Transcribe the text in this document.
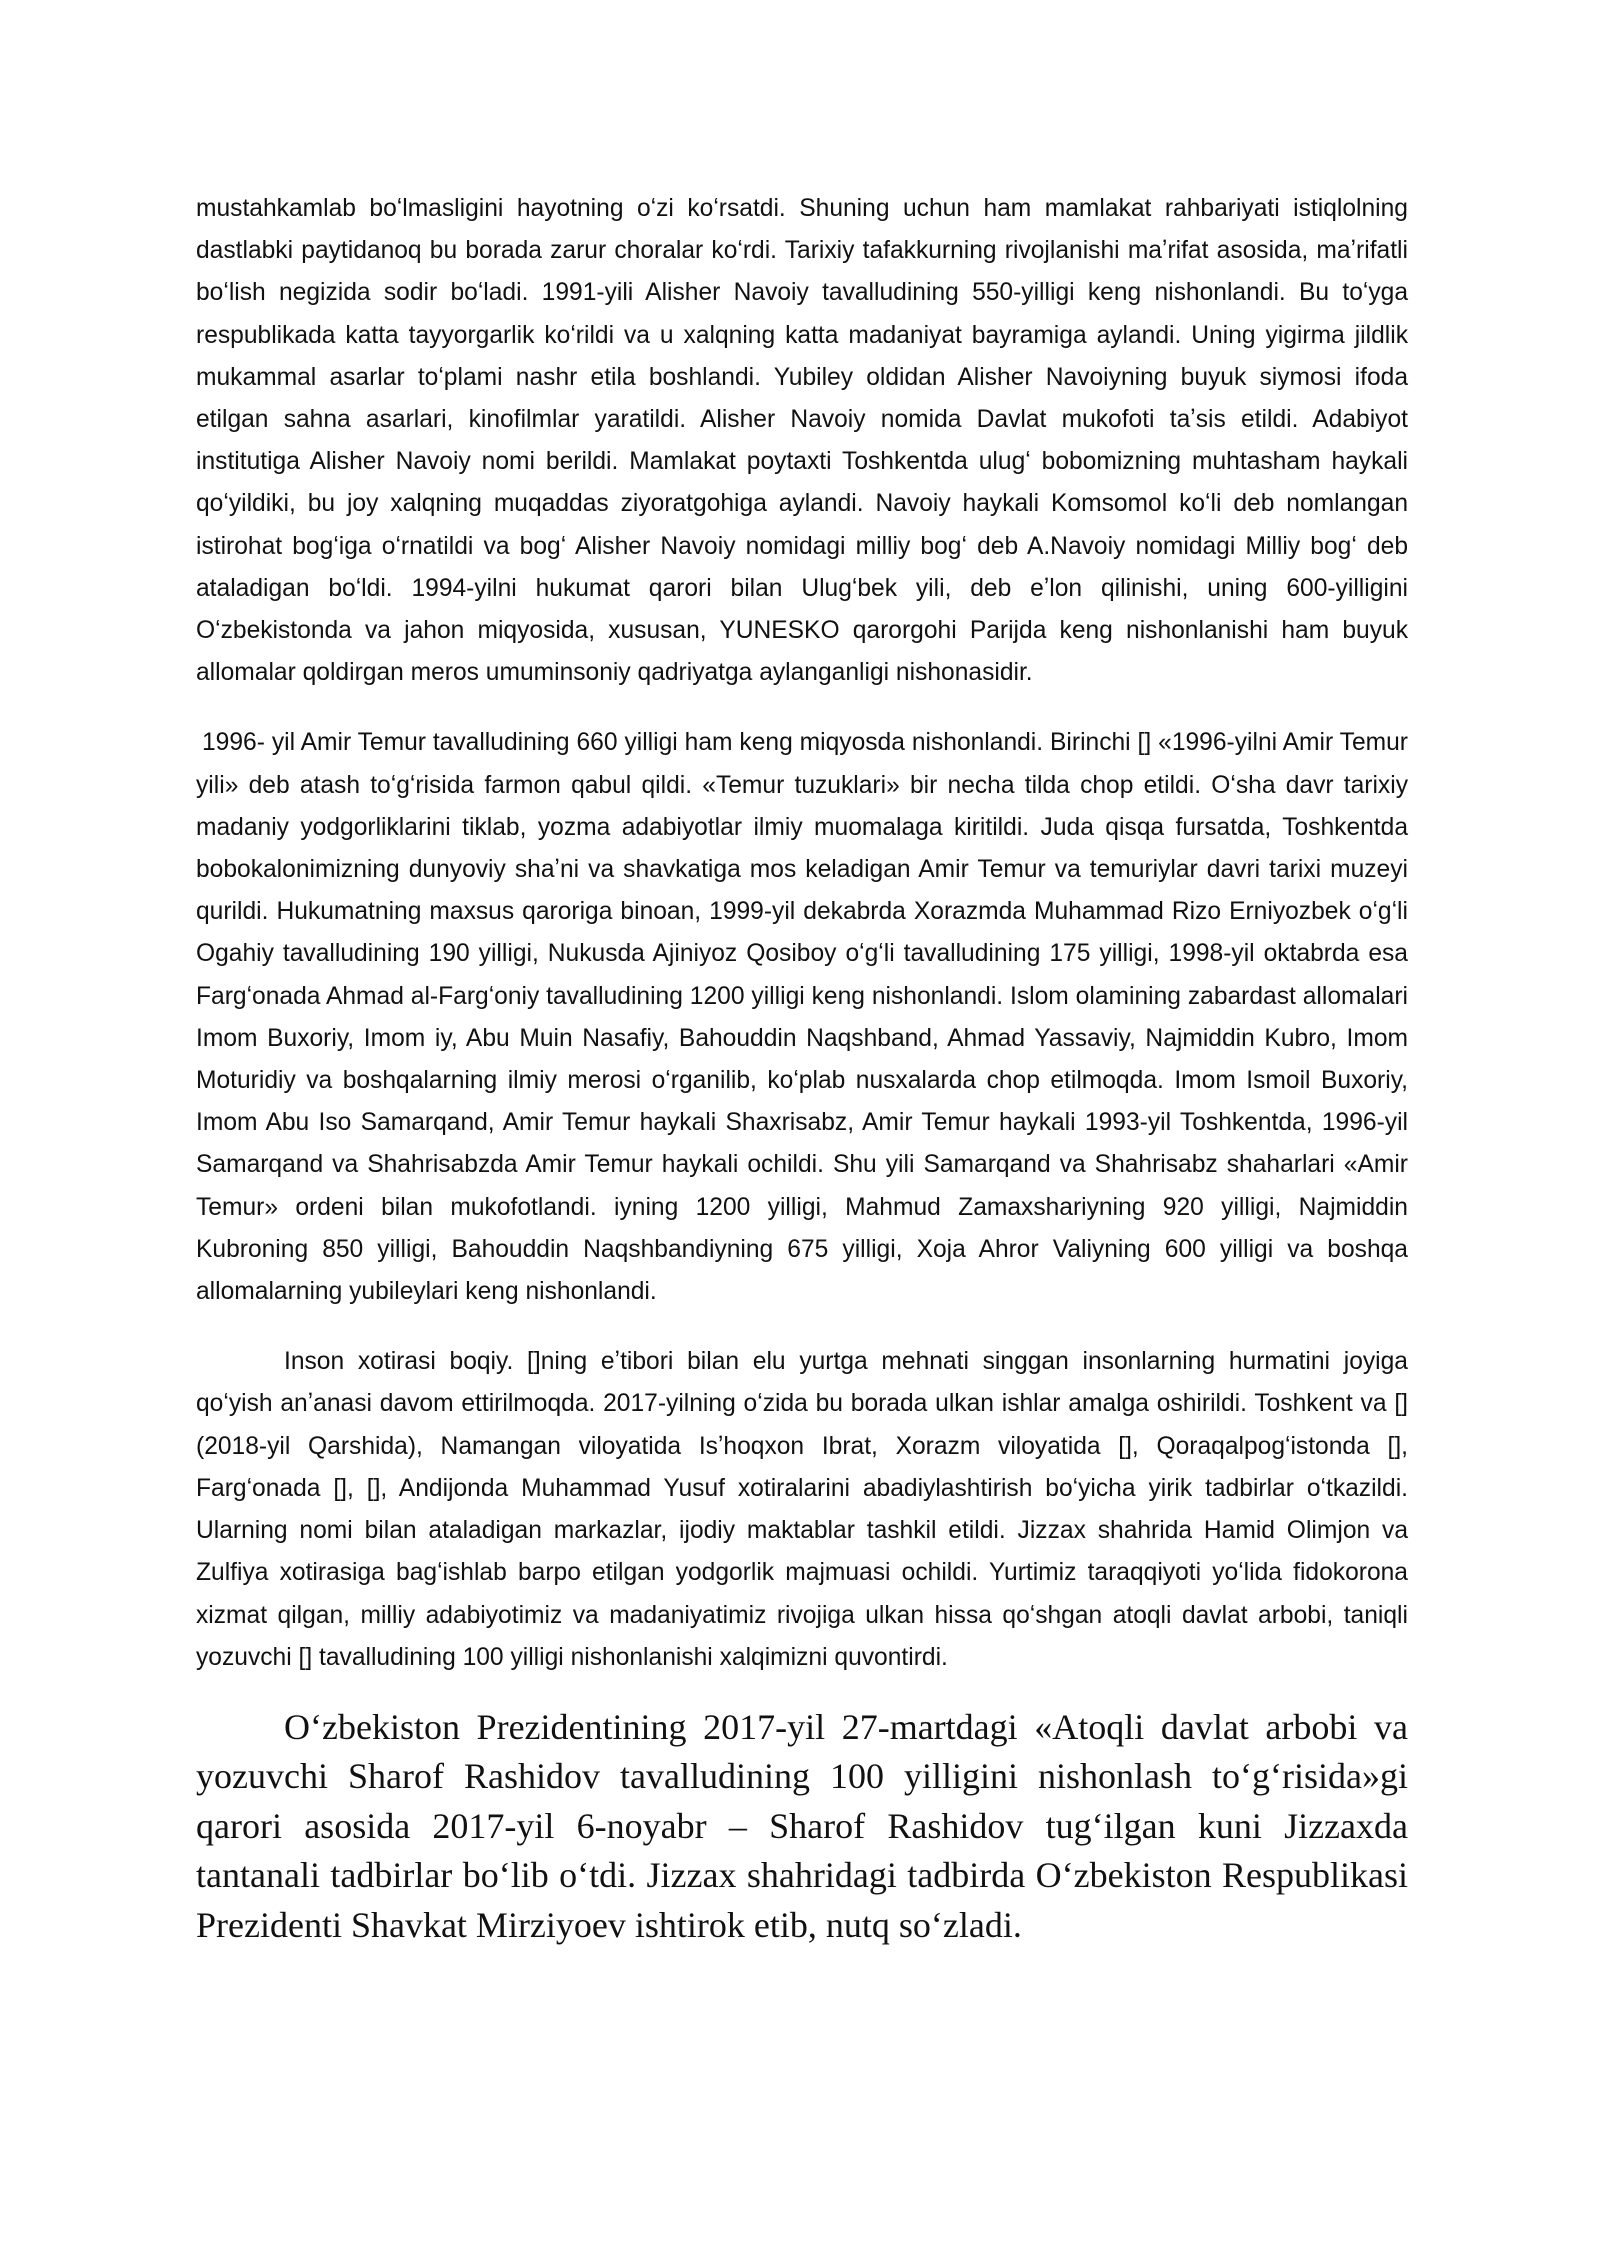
mustahkamlab boʻlmasligini hayotning oʻzi koʻrsatdi. Shuning uchun ham mamlakat rahbariyati istiqlolning dastlabki paytidanoq bu borada zarur choralar koʻrdi. Tarixiy tafakkurning rivojlanishi maʼrifat asosida, maʼrifatli boʻlish negizida sodir boʻladi. 1991-yili Alisher Navoiy tavalludining 550-yilligi keng nishonlandi. Bu toʻyga respublikada katta tayyorgarlik koʻrildi va u xalqning katta madaniyat bayramiga aylandi. Uning yigirma jildlik mukammal asarlar toʻplami nashr etila boshlandi. Yubiley oldidan Alisher Navoiyning buyuk siymosi ifoda etilgan sahna asarlari, kinofilmlar yaratildi. Alisher Navoiy nomida Davlat mukofoti taʼsis etildi. Adabiyot institutiga Alisher Navoiy nomi berildi. Mamlakat poytaxti Toshkentda ulugʻ bobomizning muhtasham haykali qoʻyildiki, bu joy xalqning muqaddas ziyoratgohiga aylandi. Navoiy haykali Komsomol koʻli deb nomlangan istirohat bogʻiga oʻrnatildi va bogʻ Alisher Navoiy nomidagi milliy bogʻ deb A.Navoiy nomidagi Milliy bogʻ deb ataladigan boʻldi. 1994-yilni hukumat qarori bilan Ulugʻbek yili, deb eʼlon qilinishi, uning 600-yilligini Oʻzbekistonda va jahon miqyosida, xususan, YUNESKO qarorgohi Parijda keng nishonlanishi ham buyuk allomalar qoldirgan meros umuminsoniy qadriyatga aylanganligi nishonasidir.

1996- yil Amir Temur tavalludining 660 yilligi ham keng miqyosda nishonlandi. Birinchi [] «1996-yilni Amir Temur yili» deb atash toʻgʻrisida farmon qabul qildi. «Temur tuzuklari» bir necha tilda chop etildi. Oʻsha davr tarixiy madaniy yodgorliklarini tiklab, yozma adabiyotlar ilmiy muomalaga kiritildi. Juda qisqa fursatda, Toshkentda bobokalonimizning dunyoviy shaʼni va shavkatiga mos keladigan Amir Temur va temuriylar davri tarixi muzeyi qurildi. Hukumatning maxsus qaroriga binoan, 1999-yil dekabrda Xorazmda Muhammad Rizo Erniyozbek oʻgʻli Ogahiy tavalludining 190 yilligi, Nukusda Ajiniyoz Qosiboy oʻgʻli tavalludining 175 yilligi, 1998-yil oktabrda esa Fargʻonada Ahmad al-Fargʻoniy tavalludining 1200 yilligi keng nishonlandi. Islom olamining zabardast allomalari Imom Buxoriy, Imom iy, Abu Muin Nasafiy, Bahouddin Naqshband, Ahmad Yassaviy, Najmiddin Kubro, Imom Moturidiy va boshqalarning ilmiy merosi oʻrganilib, koʻplab nusxalarda chop etilmoqda. Imom Ismoil Buxoriy, Imom Abu Iso Samarqand, Amir Temur haykali Shaxrisabz, Amir Temur haykali 1993-yil Toshkentda, 1996-yil Samarqand va Shahrisabzda Amir Temur haykali ochildi. Shu yili Samarqand va Shahrisabz shaharlari «Amir Temur» ordeni bilan mukofotlandi. iyning 1200 yilligi, Mahmud Zamaxshariyning 920 yilligi, Najmiddin Kubroning 850 yilligi, Bahouddin Naqshbandiyning 675 yilligi, Xoja Ahror Valiyning 600 yilligi va boshqa allomalarning yubileylari keng nishonlandi.

Inson xotirasi boqiy. []ning eʼtibori bilan elu yurtga mehnati singgan insonlarning hurmatini joyiga qoʻyish anʼanasi davom ettirilmoqda. 2017-yilning oʻzida bu borada ulkan ishlar amalga oshirildi. Toshkent va [] (2018-yil Qarshida), Namangan viloyatida Isʼhoqxon Ibrat, Xorazm viloyatida [], Qoraqalpogʻistonda [], Fargʻonada [], [], Andijonda Muhammad Yusuf xotiralarini abadiylashtirish boʻyicha yirik tadbirlar oʻtkazildi. Ularning nomi bilan ataladigan markazlar, ijodiy maktablar tashkil etildi. Jizzax shahrida Hamid Olimjon va Zulfiya xotirasiga bagʻishlab barpo etilgan yodgorlik majmuasi ochildi. Yurtimiz taraqqiyoti yoʻlida fidokorona xizmat qilgan, milliy adabiyotimiz va madaniyatimiz rivojiga ulkan hissa qoʻshgan atoqli davlat arbobi, taniqli yozuvchi [] tavalludining 100 yilligi nishonlanishi xalqimizni quvontirdi.

Oʻzbekiston Prezidentining 2017-yil 27-martdagi «Atoqli davlat arbobi va yozuvchi Sharof Rashidov tavalludining 100 yilligini nishonlash toʻgʻrisida»gi qarori asosida 2017-yil 6-noyabr – Sharof Rashidov tugʻilgan kuni Jizzaxda tantanali tadbirlar boʻlib oʻtdi. Jizzax shahridagi tadbirda Oʻzbekiston Respublikasi Prezidenti Shavkat Mirziyoev ishtirok etib, nutq soʻzladi.
